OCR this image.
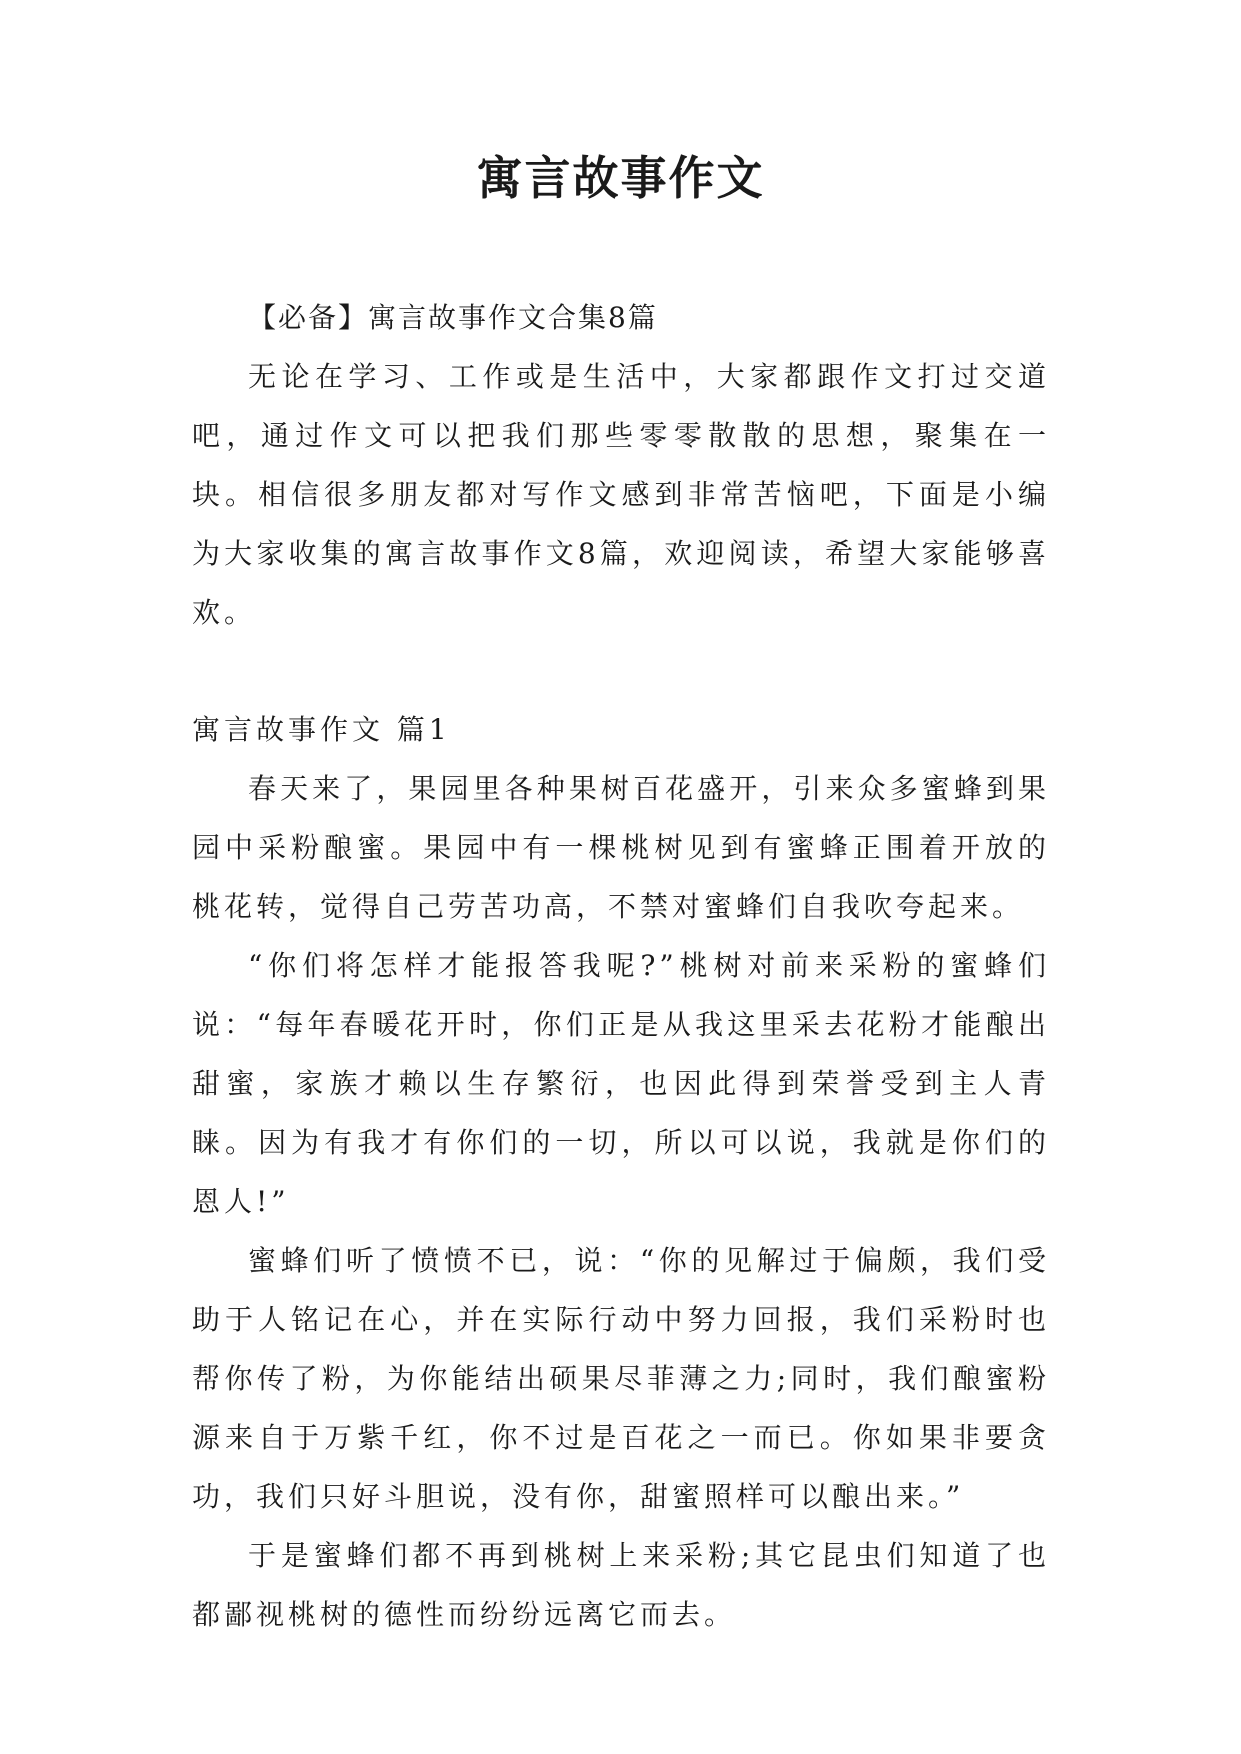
寓言故事作文

【必备】寓言故事作文合集8篇

无论在学习、工作或是生活中，大家都跟作文打过交道吧，通过作文可以把我们那些零零散散的思想，聚集在一块。相信很多朋友都对写作文感到非常苦恼吧，下面是小编为大家收集的寓言故事作文8篇，欢迎阅读，希望大家能够喜欢。

寓言故事作文 篇1

春天来了，果园里各种果树百花盛开，引来众多蜜蜂到果园中采粉酿蜜。果园中有一棵桃树见到有蜜蜂正围着开放的桃花转，觉得自己劳苦功高，不禁对蜜蜂们自我吹夸起来。

“你们将怎样才能报答我呢?”桃树对前来采粉的蜜蜂们说：“每年春暖花开时，你们正是从我这里采去花粉才能酿出甜蜜，家族才赖以生存繁衍，也因此得到荣誉受到主人青睐。因为有我才有你们的一切，所以可以说，我就是你们的恩人!”

蜜蜂们听了愤愤不已，说：“你的见解过于偏颇，我们受助于人铭记在心，并在实际行动中努力回报，我们采粉时也帮你传了粉，为你能结出硕果尽菲薄之力;同时，我们酿蜜粉源来自于万紫千红，你不过是百花之一而已。你如果非要贪功，我们只好斗胆说，没有你，甜蜜照样可以酿出来。”

于是蜜蜂们都不再到桃树上来采粉;其它昆虫们知道了也都鄙视桃树的德性而纷纷远离它而去。
